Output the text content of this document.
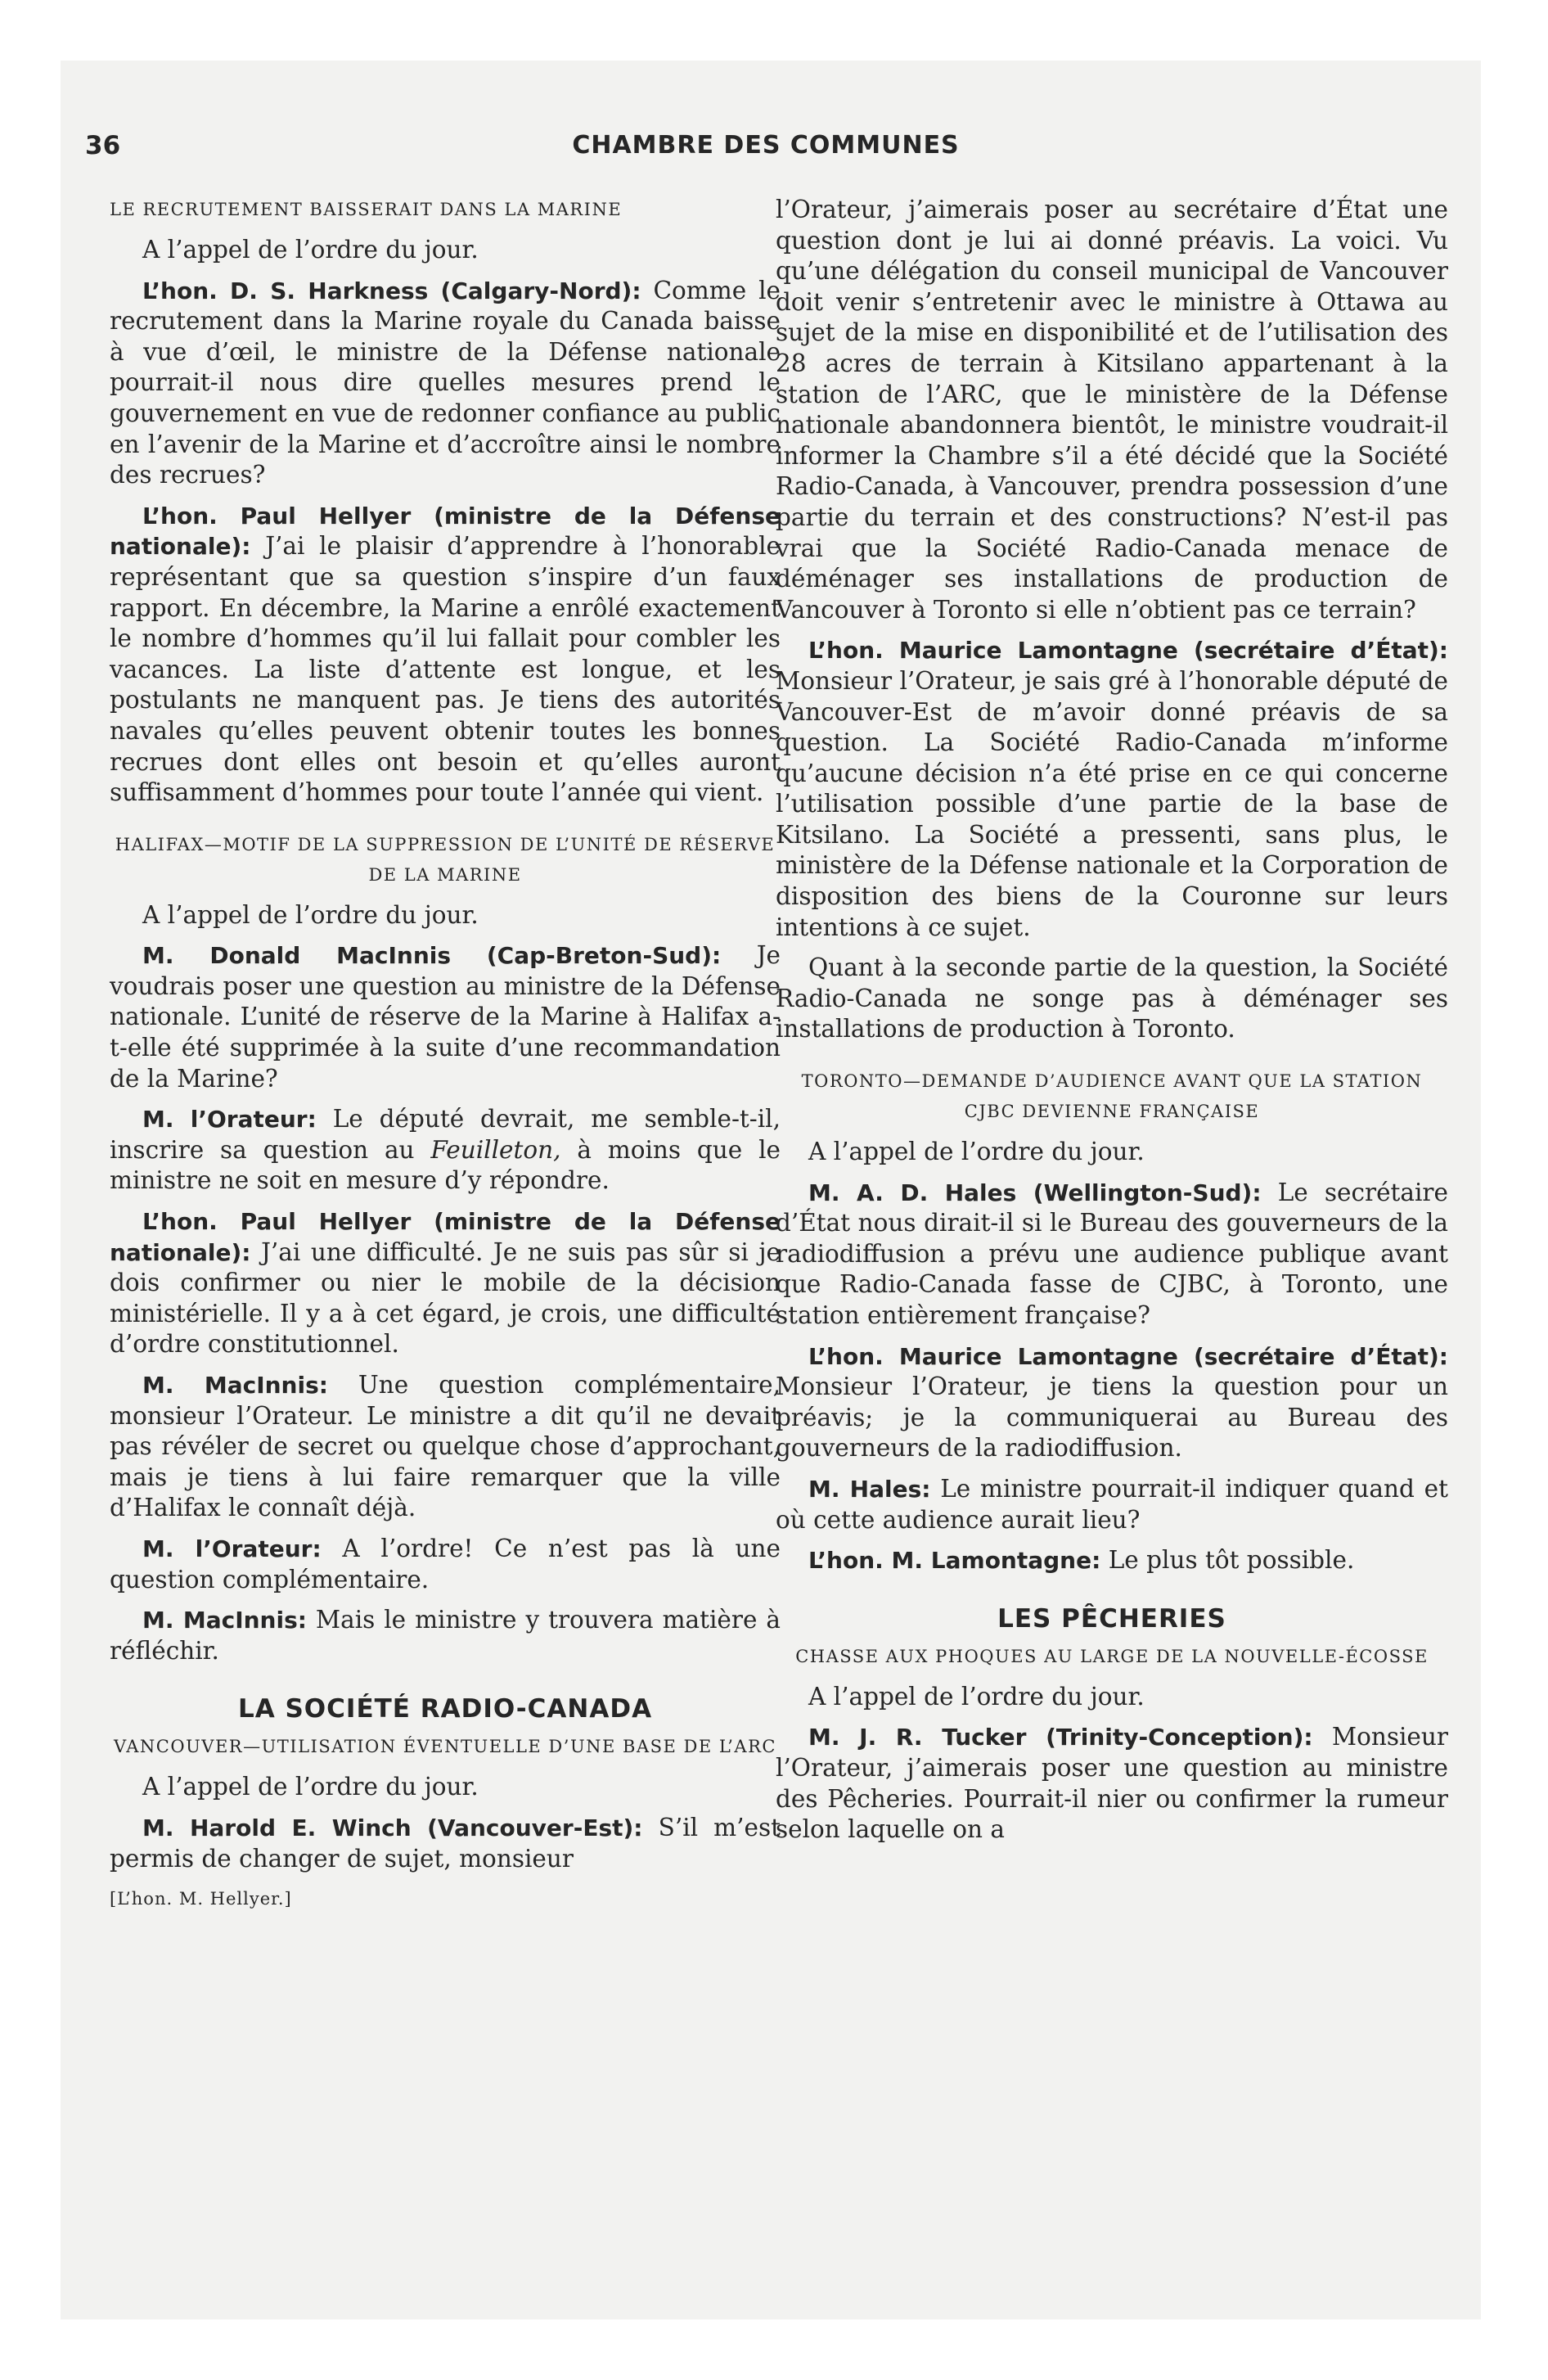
36	CHAMBRE DES COMMUNES

LE RECRUTEMENT BAISSERAIT DANS LA MARINE

A l’appel de l’ordre du jour.

L’hon. D. S. Harkness (Calgary-Nord): Comme le recrutement dans la Marine royale du Canada baisse à vue d’œil, le ministre de la Défense nationale pourrait-il nous dire quelles mesures prend le gouvernement en vue de redonner confiance au public en l’avenir de la Marine et d’accroître ainsi le nombre des recrues?

L’hon. Paul Hellyer (ministre de la Défense nationale): J’ai le plaisir d’apprendre à l’honorable représentant que sa question s’inspire d’un faux rapport. En décembre, la Marine a enrôlé exactement le nombre d’hommes qu’il lui fallait pour combler les vacances. La liste d’attente est longue, et les postulants ne manquent pas. Je tiens des autorités navales qu’elles peuvent obtenir toutes les bonnes recrues dont elles ont besoin et qu’elles auront suffisamment d’hommes pour toute l’année qui vient.

HALIFAX—MOTIF DE LA SUPPRESSION DE L’UNITÉ DE RÉSERVE DE LA MARINE

A l’appel de l’ordre du jour.

M. Donald MacInnis (Cap-Breton-Sud): Je voudrais poser une question au ministre de la Défense nationale. L’unité de réserve de la Marine à Halifax a-t-elle été supprimée à la suite d’une recommandation de la Marine?

M. l’Orateur: Le député devrait, me semble-t-il, inscrire sa question au Feuilleton, à moins que le ministre ne soit en mesure d’y répondre.

L’hon. Paul Hellyer (ministre de la Défense nationale): J’ai une difficulté. Je ne suis pas sûr si je dois confirmer ou nier le mobile de la décision ministérielle. Il y a à cet égard, je crois, une difficulté d’ordre constitutionnel.

M. MacInnis: Une question complémentaire, monsieur l’Orateur. Le ministre a dit qu’il ne devait pas révéler de secret ou quelque chose d’approchant, mais je tiens à lui faire remarquer que la ville d’Halifax le connaît déjà.

M. l’Orateur: A l’ordre! Ce n’est pas là une question complémentaire.

M. MacInnis: Mais le ministre y trouvera matière à réfléchir.

LA SOCIÉTÉ RADIO-CANADA

VANCOUVER—UTILISATION ÉVENTUELLE D’UNE BASE DE L’ARC

A l’appel de l’ordre du jour.

M. Harold E. Winch (Vancouver-Est): S’il m’est permis de changer de sujet, monsieur

[L’hon. M. Hellyer.]

l’Orateur, j’aimerais poser au secrétaire d’État une question dont je lui ai donné préavis. La voici. Vu qu’une délégation du conseil municipal de Vancouver doit venir s’entretenir avec le ministre à Ottawa au sujet de la mise en disponibilité et de l’utilisation des 28 acres de terrain à Kitsilano appartenant à la station de l’ARC, que le ministère de la Défense nationale abandonnera bientôt, le ministre voudrait-il informer la Chambre s’il a été décidé que la Société Radio-Canada, à Vancouver, prendra possession d’une partie du terrain et des constructions? N’est-il pas vrai que la Société Radio-Canada menace de déménager ses installations de production de Vancouver à Toronto si elle n’obtient pas ce terrain?

L’hon. Maurice Lamontagne (secrétaire d’État): Monsieur l’Orateur, je sais gré à l’honorable député de Vancouver-Est de m’avoir donné préavis de sa question. La Société Radio-Canada m’informe qu’aucune décision n’a été prise en ce qui concerne l’utilisation possible d’une partie de la base de Kitsilano. La Société a pressenti, sans plus, le ministère de la Défense nationale et la Corporation de disposition des biens de la Couronne sur leurs intentions à ce sujet.

Quant à la seconde partie de la question, la Société Radio-Canada ne songe pas à déménager ses installations de production à Toronto.

TORONTO—DEMANDE D’AUDIENCE AVANT QUE LA STATION CJBC DEVIENNE FRANÇAISE

A l’appel de l’ordre du jour.

M. A. D. Hales (Wellington-Sud): Le secrétaire d’État nous dirait-il si le Bureau des gouverneurs de la radiodiffusion a prévu une audience publique avant que Radio-Canada fasse de CJBC, à Toronto, une station entièrement française?

L’hon. Maurice Lamontagne (secrétaire d’État): Monsieur l’Orateur, je tiens la question pour un préavis; je la communiquerai au Bureau des gouverneurs de la radiodiffusion.

M. Hales: Le ministre pourrait-il indiquer quand et où cette audience aurait lieu?

L’hon. M. Lamontagne: Le plus tôt possible.

LES PÊCHERIES

CHASSE AUX PHOQUES AU LARGE DE LA NOUVELLE-ÉCOSSE

A l’appel de l’ordre du jour.

M. J. R. Tucker (Trinity-Conception): Monsieur l’Orateur, j’aimerais poser une question au ministre des Pêcheries. Pourrait-il nier ou confirmer la rumeur selon laquelle on a
